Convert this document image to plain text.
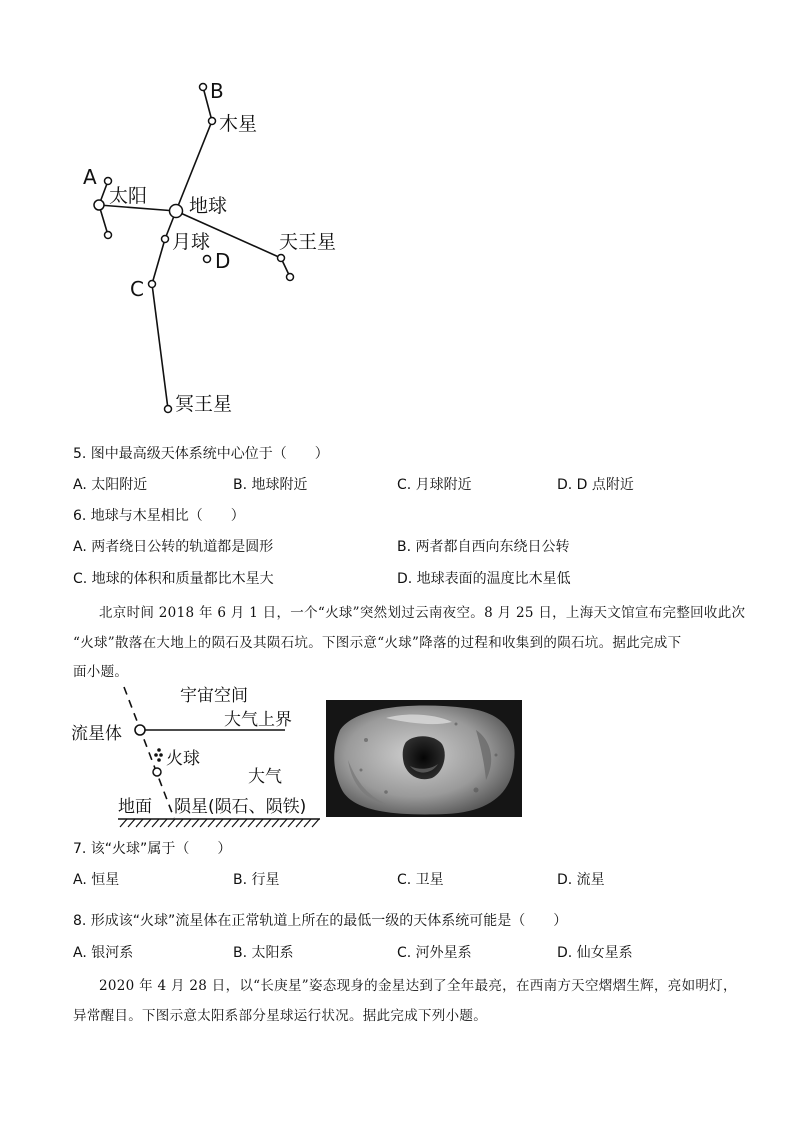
B
木星
A
太阳 地球
月球
D
天王星
C
冥王星
5. 图中最高级天体系统中心位于（　　）
A. 太阳附近	B. 地球附近	C. 月球附近	D. D 点附近
6. 地球与木星相比（　　）
A. 两者绕日公转的轨道都是圆形	B. 两者都自西向东绕日公转
C. 地球的体积和质量都比木星大	D. 地球表面的温度比木星低
北京时间 2018 年 6 月 1 日，一个“火球”突然划过云南夜空。8 月 25 日，上海天文馆宣布完整回收此次
“火球”散落在大地上的陨石及其陨石坑。下图示意“火球”降落的过程和收集到的陨石坑。据此完成下
面小题。
宇宙空间
大气上界
流星体
火球
大气
地面 陨星(陨石、陨铁)
7. 该“火球”属于（　　）
A. 恒星	B. 行星	C. 卫星	D. 流星
8. 形成该“火球”流星体在正常轨道上所在的最低一级的天体系统可能是（　　）
A. 银河系	B. 太阳系	C. 河外星系	D. 仙女星系
2020 年 4 月 28 日，以“长庚星”姿态现身的金星达到了全年最亮，在西南方天空熠熠生辉，亮如明灯，
异常醒目。下图示意太阳系部分星球运行状况。据此完成下列小题。
